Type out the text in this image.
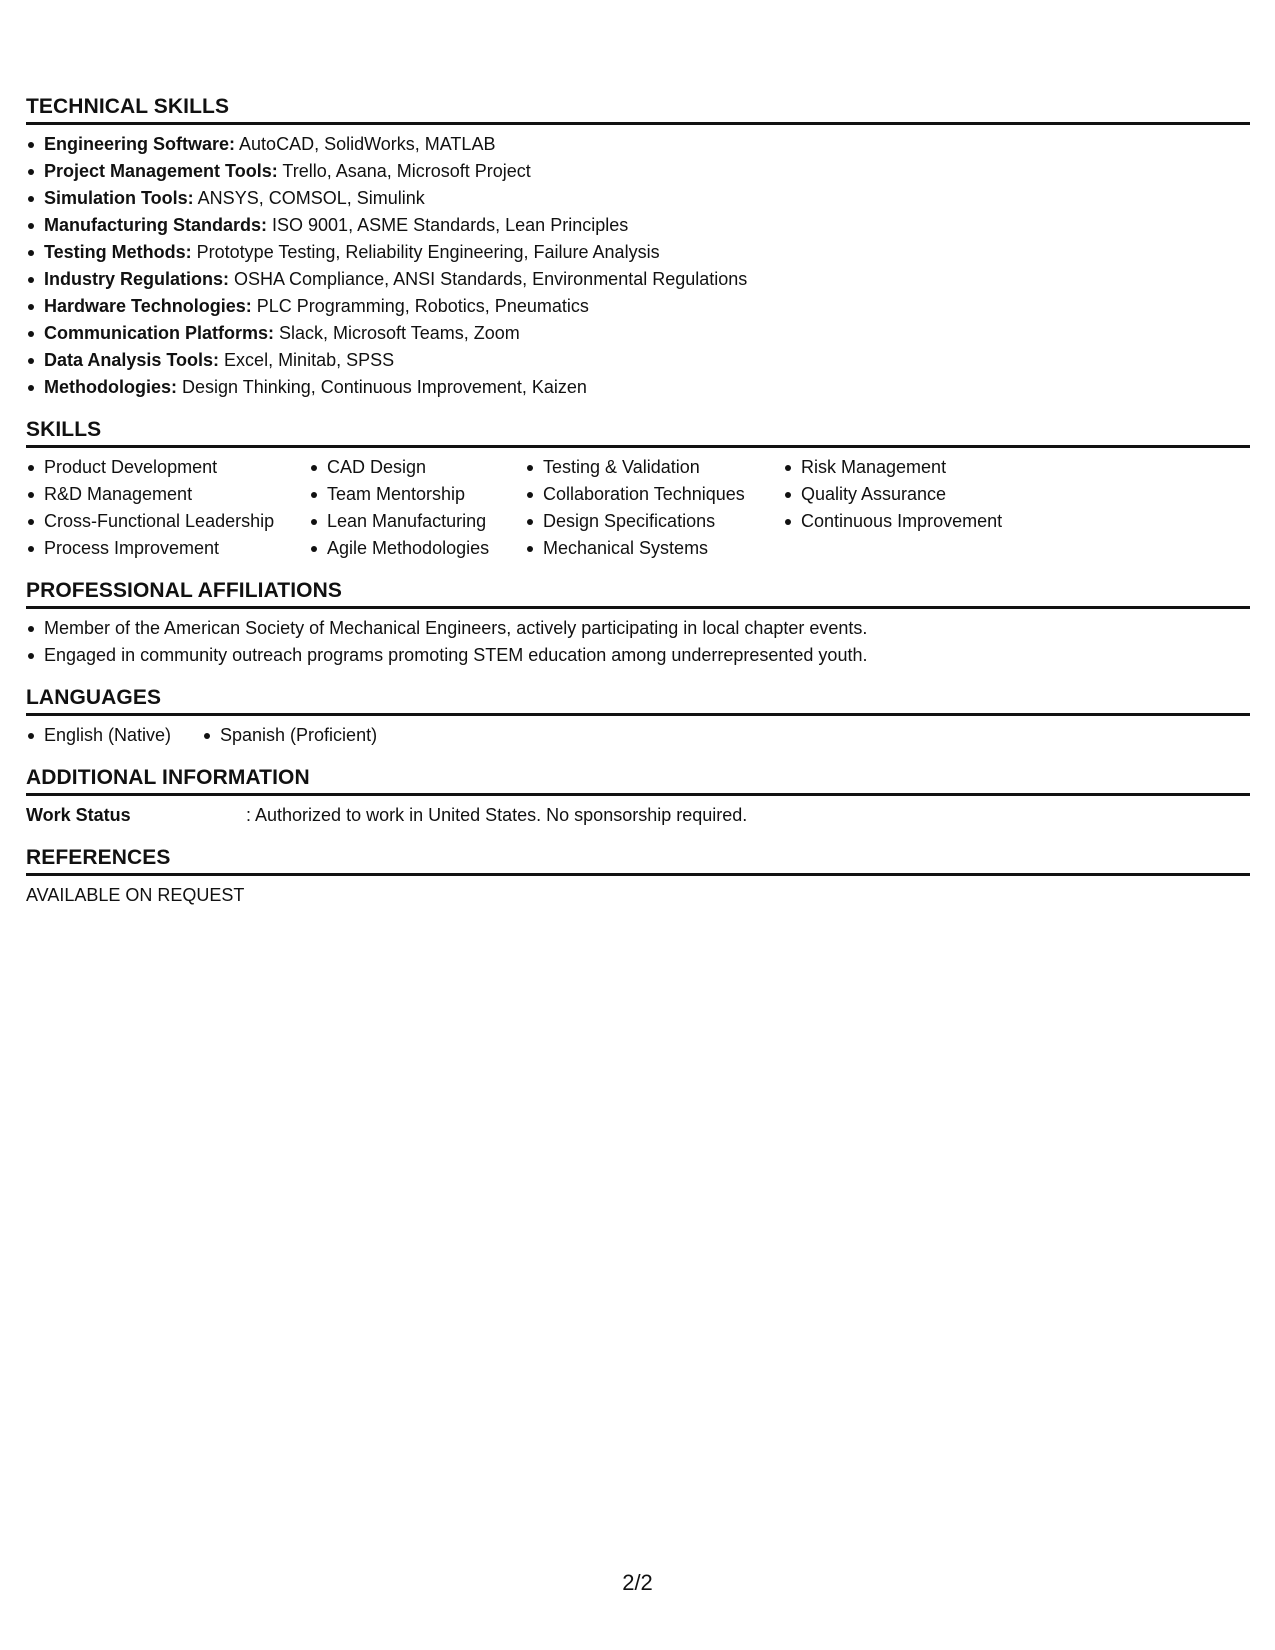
TECHNICAL SKILLS
Engineering Software: AutoCAD, SolidWorks, MATLAB
Project Management Tools: Trello, Asana, Microsoft Project
Simulation Tools: ANSYS, COMSOL, Simulink
Manufacturing Standards: ISO 9001, ASME Standards, Lean Principles
Testing Methods: Prototype Testing, Reliability Engineering, Failure Analysis
Industry Regulations: OSHA Compliance, ANSI Standards, Environmental Regulations
Hardware Technologies: PLC Programming, Robotics, Pneumatics
Communication Platforms: Slack, Microsoft Teams, Zoom
Data Analysis Tools: Excel, Minitab, SPSS
Methodologies: Design Thinking, Continuous Improvement, Kaizen
SKILLS
Product Development
R&D Management
Cross-Functional Leadership
Process Improvement
CAD Design
Team Mentorship
Lean Manufacturing
Agile Methodologies
Testing & Validation
Collaboration Techniques
Design Specifications
Mechanical Systems
Risk Management
Quality Assurance
Continuous Improvement
PROFESSIONAL AFFILIATIONS
Member of the American Society of Mechanical Engineers, actively participating in local chapter events.
Engaged in community outreach programs promoting STEM education among underrepresented youth.
LANGUAGES
English (Native)	Spanish (Proficient)
ADDITIONAL INFORMATION
Work Status	: Authorized to work in United States. No sponsorship required.
REFERENCES
AVAILABLE ON REQUEST
2/2
